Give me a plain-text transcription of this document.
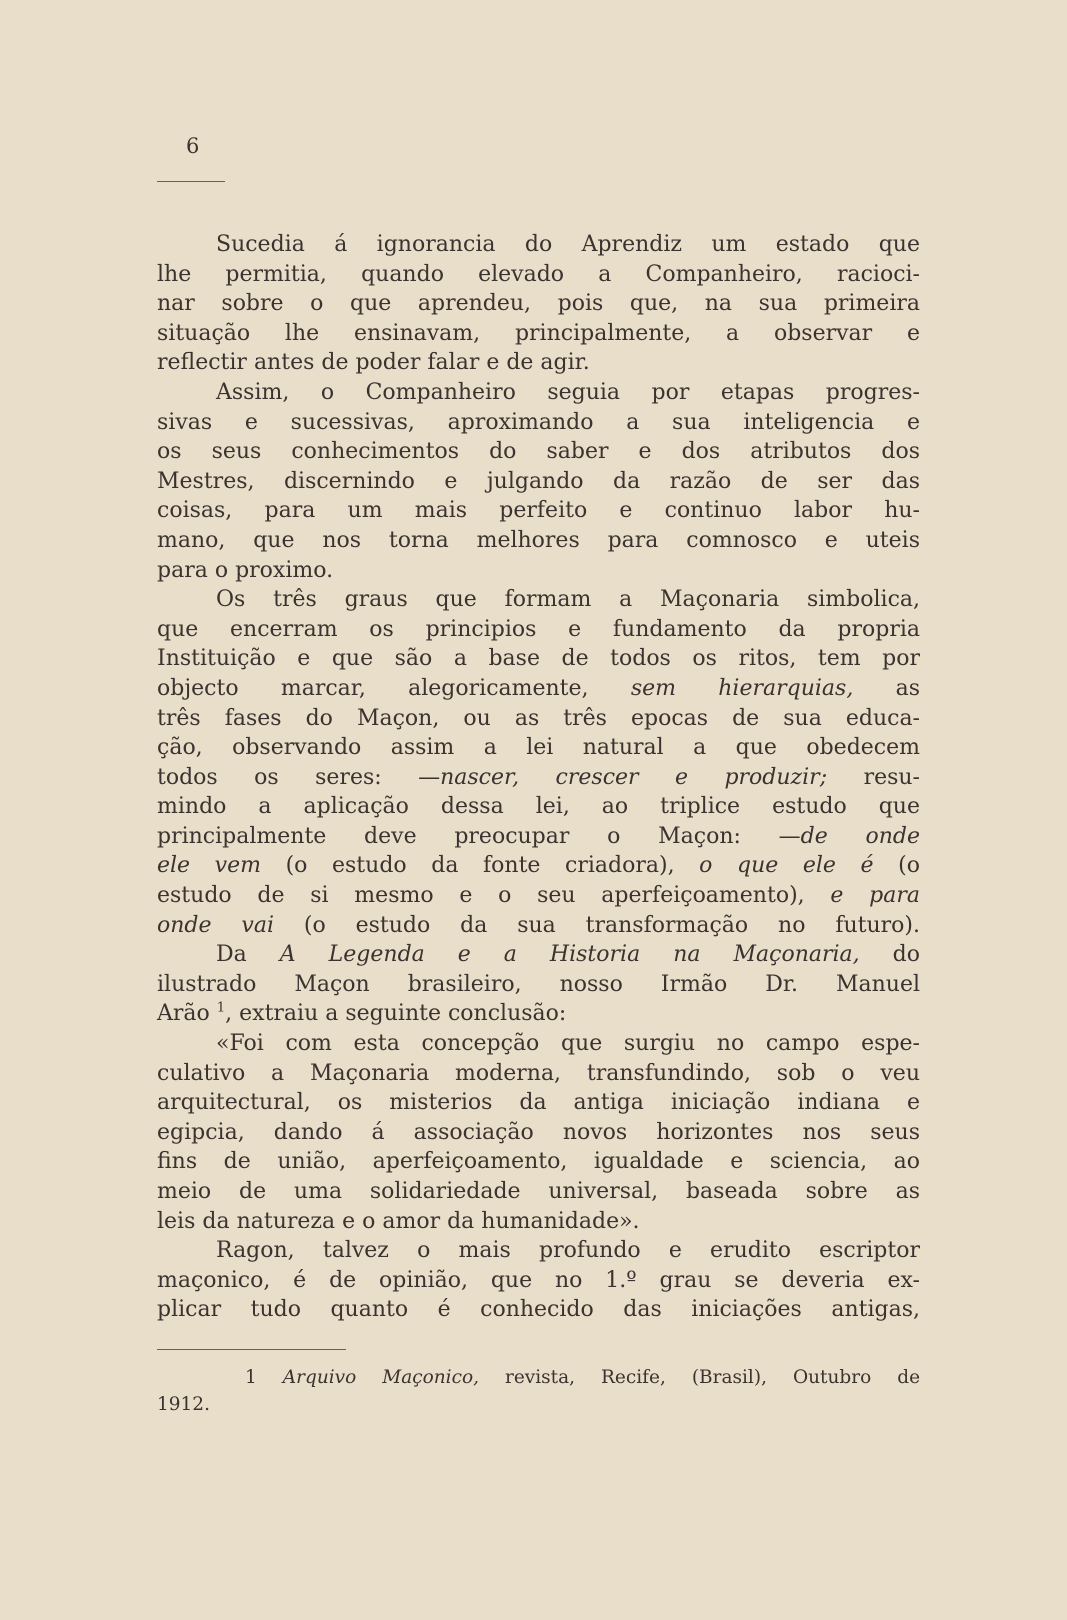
6
Sucedia á ignorancia do Aprendiz um estado que
lhe permitia, quando elevado a Companheiro, racioci-
nar sobre o que aprendeu, pois que, na sua primeira
situação lhe ensinavam, principalmente, a observar e
reflectir antes de poder falar e de agir.
Assim, o Companheiro seguia por etapas progres-
sivas e sucessivas, aproximando a sua inteligencia e
os seus conhecimentos do saber e dos atributos dos
Mestres, discernindo e julgando da razão de ser das
coisas, para um mais perfeito e continuo labor hu-
mano, que nos torna melhores para comnosco e uteis
para o proximo.
Os três graus que formam a Maçonaria simbolica,
que encerram os principios e fundamento da propria
Instituição e que são a base de todos os ritos, tem por
objecto marcar, alegoricamente, sem hierarquias, as
três fases do Maçon, ou as três epocas de sua educa-
ção, observando assim a lei natural a que obedecem
todos os seres: —nascer, crescer e produzir; resu-
mindo a aplicação dessa lei, ao triplice estudo que
principalmente deve preocupar o Maçon: —de onde
ele vem (o estudo da fonte criadora), o que ele é (o
estudo de si mesmo e o seu aperfeiçoamento), e para
onde vai (o estudo da sua transformação no futuro).
Da A Legenda e a Historia na Maçonaria, do
ilustrado Maçon brasileiro, nosso Irmão Dr. Manuel
Arão $^1$, extraiu a seguinte conclusão:
«Foi com esta concepção que surgiu no campo espe-
culativo a Maçonaria moderna, transfundindo, sob o veu
arquitectural, os misterios da antiga iniciação indiana e
egipcia, dando á associação novos horizontes nos seus
fins de união, aperfeiçoamento, igualdade e sciencia, ao
meio de uma solidariedade universal, baseada sobre as
leis da natureza e o amor da humanidade».
Ragon, talvez o mais profundo e erudito escriptor
maçonico, é de opinião, que no 1.º grau se deveria ex-
plicar tudo quanto é conhecido das iniciações antigas,
1 Arquivo Maçonico, revista, Recife, (Brasil), Outubro de
1912.
